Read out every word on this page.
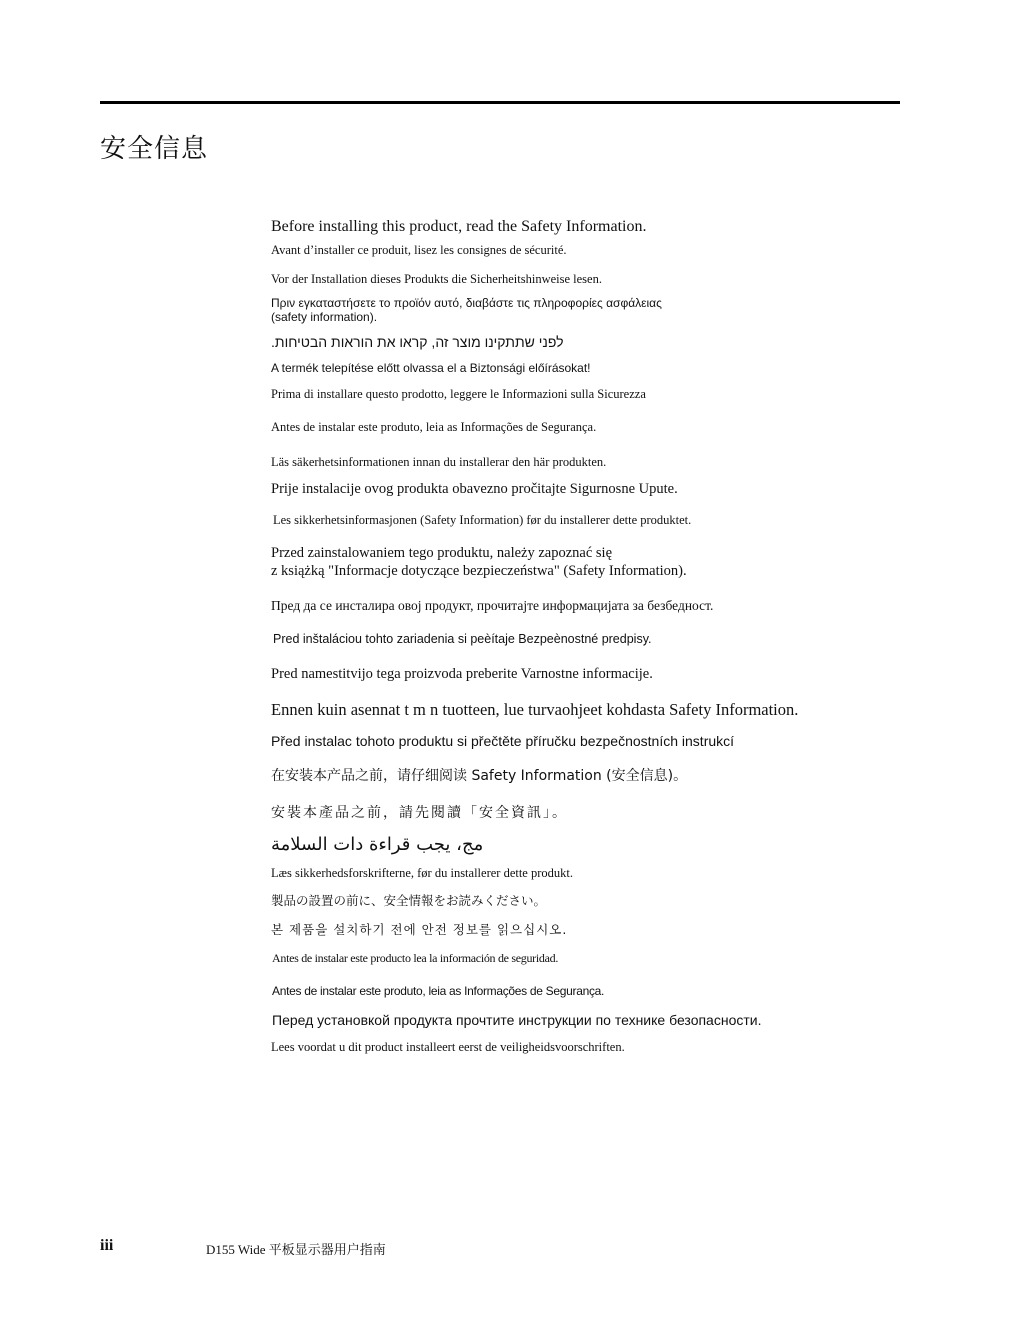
安全信息
Before installing this product, read the Safety Information.
Avant d’installer ce produit, lisez les consignes de sécurité.
Vor der Installation dieses Produkts die Sicherheitshinweise lesen.
Πριν εγκαταστήσετε το προϊόν αυτό, διαβάστε τις πληροφορίες ασφάλειας
(safety information).
לפני שתתקינו מוצר זה, קראו את הוראות הבטיחות.
A termék telepítése előtt olvassa el a Biztonsági előírásokat!
Prima di installare questo prodotto, leggere le Informazioni sulla Sicurezza
Antes de instalar este produto, leia as Informações de Segurança.
Läs säkerhetsinformationen innan du installerar den här produkten.
Prije instalacije ovog produkta obavezno pročitajte Sigurnosne Upute.
Les sikkerhetsinformasjonen (Safety Information) før du installerer dette produktet.
Przed zainstalowaniem tego produktu, należy zapoznać się
z książką "Informacje dotyczące bezpieczeństwa" (Safety Information).
Пред да се инсталира овој продукт, прочитајте информацијата за безбедност.
Pred inštaláciou tohto zariadenia si peèítaje Bezpeènostné predpisy.
Pred namestitvijo tega proizvoda preberite Varnostne informacije.
Ennen kuin asennat t m n tuotteen, lue turvaohjeet kohdasta Safety Information.
Před instalac tohoto produktu si přečtěte příručku bezpečnostních instrukcí
在安装本产品之前，请仔细阅读 Safety Information (安全信息)。
安裝本產品之前，請先閱讀「安全資訊」。
مج، يجب قراءة دات السلامة
Læs sikkerhedsforskrifterne, før du installerer dette produkt.
製品の設置の前に、安全情報をお読みください。
본 제품을 설치하기 전에 안전 정보를 읽으십시오.
Antes de instalar este producto lea la información de seguridad.
Antes de instalar este produto, leia as Informações de Segurança.
Перед установкой продукта прочтите инструкции по технике безопасности.
Lees voordat u dit product installeert eerst de veiligheidsvoorschriften.
iii	D155 Wide 平板显示器用户指南
